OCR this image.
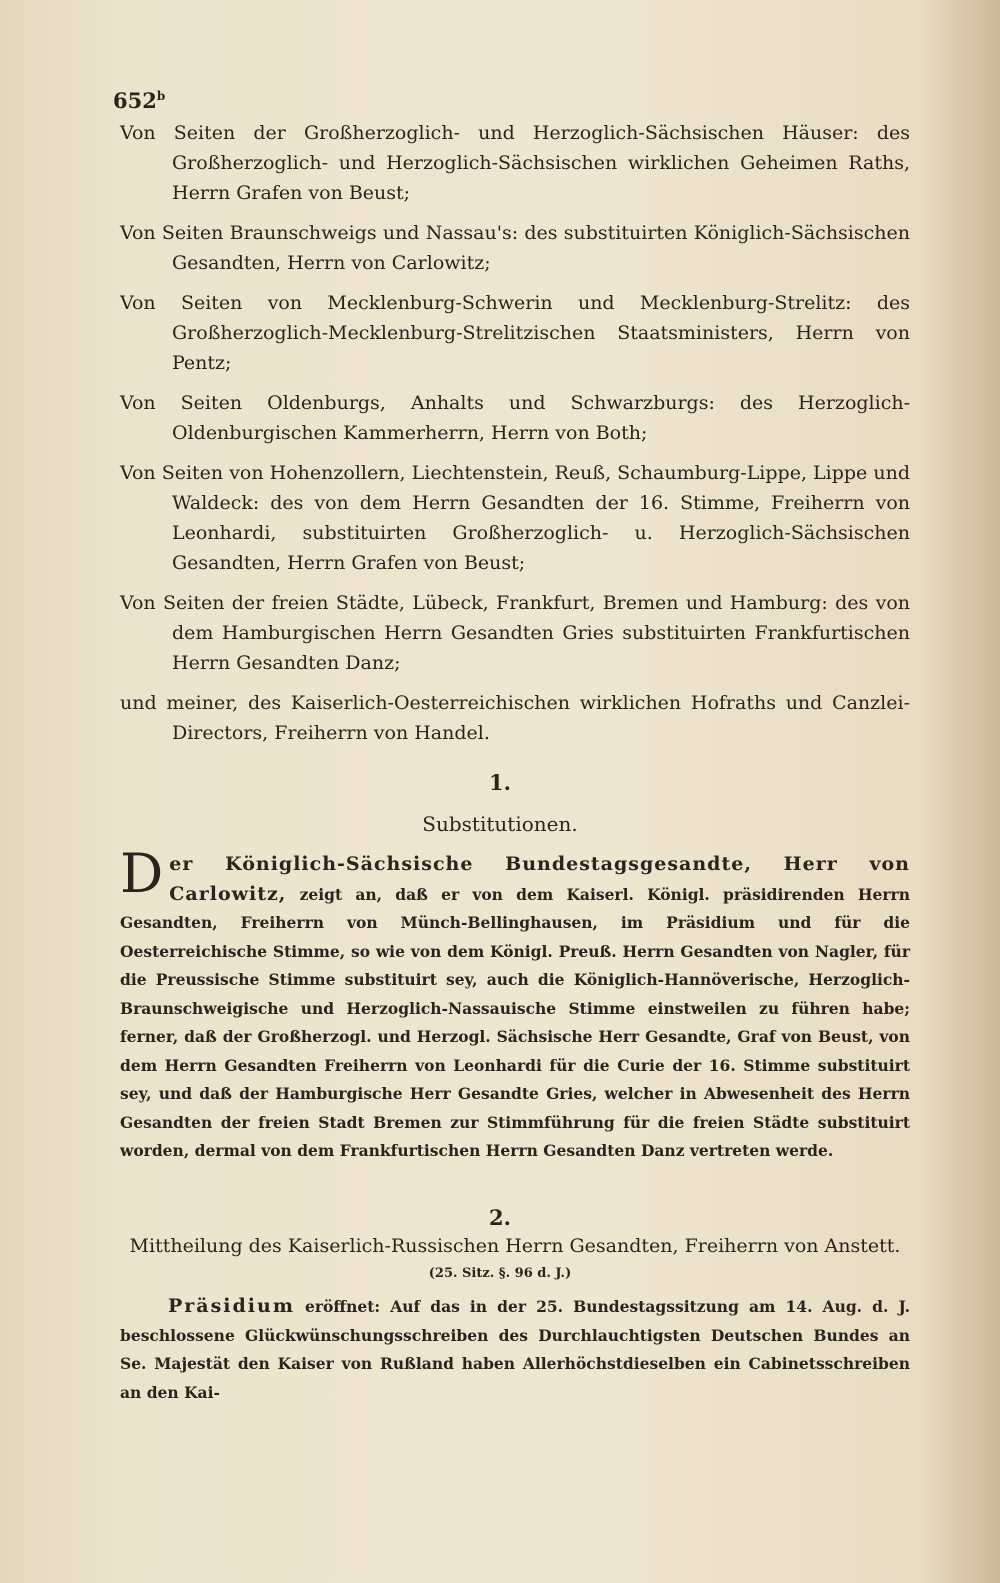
652$^b$

Von Seiten der Großherzoglich- und Herzoglich-Sächsischen Häuser: des Großherzoglich- und Herzoglich-Sächsischen wirklichen Geheimen Raths, Herrn Grafen von Beust;

Von Seiten Braunschweigs und Nassau's: des substituirten Königlich-Sächsischen Gesandten, Herrn von Carlowitz;

Von Seiten von Mecklenburg-Schwerin und Mecklenburg-Strelitz: des Großherzoglich-Mecklenburg-Strelitzischen Staatsministers, Herrn von Pentz;

Von Seiten Oldenburgs, Anhalts und Schwarzburgs: des Herzoglich-Oldenburgischen Kammerherrn, Herrn von Both;

Von Seiten von Hohenzollern, Liechtenstein, Reuß, Schaumburg-Lippe, Lippe und Waldeck: des von dem Herrn Gesandten der 16. Stimme, Freiherrn von Leonhardi, substituirten Großherzoglich- u. Herzoglich-Sächsischen Gesandten, Herrn Grafen von Beust;

Von Seiten der freien Städte, Lübeck, Frankfurt, Bremen und Hamburg: des von dem Hamburgischen Herrn Gesandten Gries substituirten Frankfurtischen Herrn Gesandten Danz;

und meiner, des Kaiserlich-Oesterreichischen wirklichen Hofraths und Canzlei-Directors, Freiherrn von Handel.

1.
Substitutionen.
Der Königlich-Sächsische Bundestagsgesandte, Herr von Carlowitz, zeigt an, daß er von dem Kaiserl. Königl. präsidirenden Herrn Gesandten, Freiherrn von Münch-Bellinghausen, im Präsidium und für die Oesterreichische Stimme, so wie von dem Königl. Preuß. Herrn Gesandten von Nagler, für die Preussische Stimme substituirt sey, auch die Königlich-Hannöverische, Herzoglich-Braunschweigische und Herzoglich-Nassauische Stimme einstweilen zu führen habe; ferner, daß der Großherzogl. und Herzogl. Sächsische Herr Gesandte, Graf von Beust, von dem Herrn Gesandten Freiherrn von Leonhardi für die Curie der 16. Stimme substituirt sey, und daß der Hamburgische Herr Gesandte Gries, welcher in Abwesenheit des Herrn Gesandten der freien Stadt Bremen zur Stimmführung für die freien Städte substituirt worden, dermal von dem Frankfurtischen Herrn Gesandten Danz vertreten werde.
2.
Mittheilung des Kaiserlich-Russischen Herrn Gesandten, Freiherrn von Anstett.
(25. Sitz. §. 96 d. J.)
Präsidium eröffnet: Auf das in der 25. Bundestagssitzung am 14. Aug. d. J. beschlossene Glückwünschungsschreiben des Durchlauchtigsten Deutschen Bundes an Se. Majestät den Kaiser von Rußland haben Allerhöchstdieselben ein Cabinetsschreiben an den Kai-
